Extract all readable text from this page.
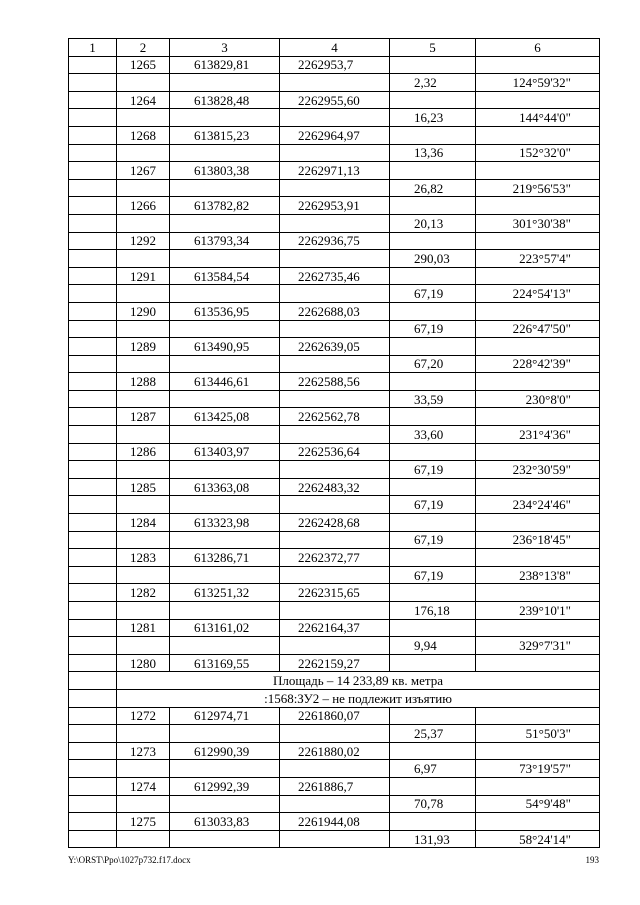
1	2	3	4	5	6
	1265	613829,81	2262953,7		
				2,32	124°59'32"
	1264	613828,48	2262955,60		
				16,23	144°44'0"
	1268	613815,23	2262964,97		
				13,36	152°32'0"
	1267	613803,38	2262971,13		
				26,82	219°56'53"
	1266	613782,82	2262953,91		
				20,13	301°30'38"
	1292	613793,34	2262936,75		
				290,03	223°57'4"
	1291	613584,54	2262735,46		
				67,19	224°54'13"
	1290	613536,95	2262688,03		
				67,19	226°47'50"
	1289	613490,95	2262639,05		
				67,20	228°42'39"
	1288	613446,61	2262588,56		
				33,59	230°8'0"
	1287	613425,08	2262562,78		
				33,60	231°4'36"
	1286	613403,97	2262536,64		
				67,19	232°30'59"
	1285	613363,08	2262483,32		
				67,19	234°24'46"
	1284	613323,98	2262428,68		
				67,19	236°18'45"
	1283	613286,71	2262372,77		
				67,19	238°13'8"
	1282	613251,32	2262315,65		
				176,18	239°10'1"
	1281	613161,02	2262164,37		
				9,94	329°7'31"
	1280	613169,55	2262159,27		
	Площадь – 14 233,89 кв. метра				
	:1568:ЗУ2 – не подлежит изъятию				
	1272	612974,71	2261860,07		
				25,37	51°50'3"
	1273	612990,39	2261880,02		
				6,97	73°19'57"
	1274	612992,39	2261886,7		
				70,78	54°9'48"
	1275	613033,83	2261944,08		
				131,93	58°24'14"
Y:\ORST\Ppo\1027p732.f17.docx	193
